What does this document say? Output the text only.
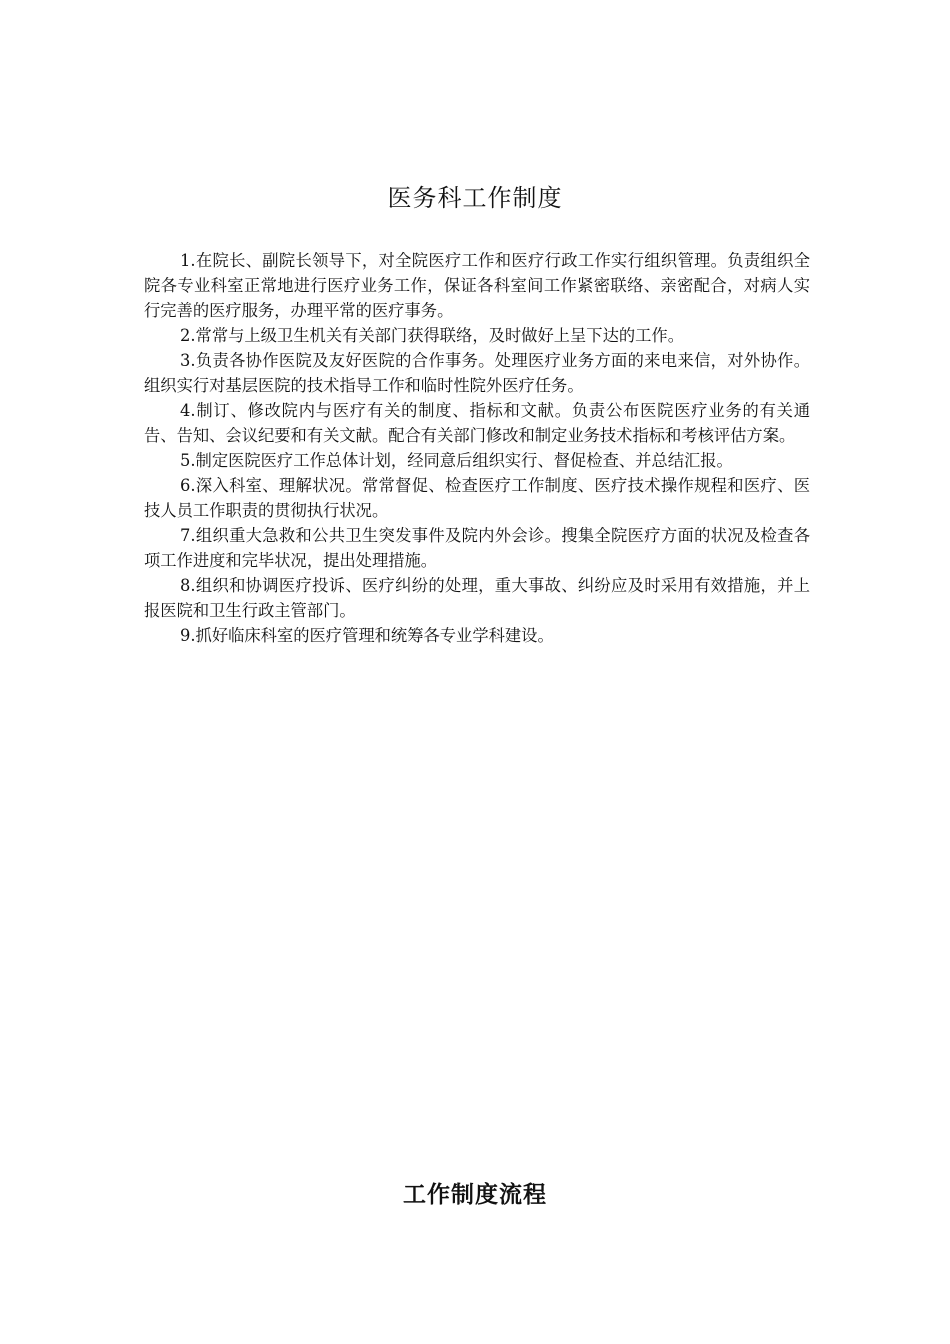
医务科工作制度

1.在院长、副院长领导下，对全院医疗工作和医疗行政工作实行组织管理。负责组织全院各专业科室正常地进行医疗业务工作，保证各科室间工作紧密联络、亲密配合，对病人实行完善的医疗服务，办理平常的医疗事务。

2.常常与上级卫生机关有关部门获得联络，及时做好上呈下达的工作。

3.负责各协作医院及友好医院的合作事务。处理医疗业务方面的来电来信，对外协作。组织实行对基层医院的技术指导工作和临时性院外医疗任务。

4.制订、修改院内与医疗有关的制度、指标和文献。负责公布医院医疗业务的有关通告、告知、会议纪要和有关文献。配合有关部门修改和制定业务技术指标和考核评估方案。

5.制定医院医疗工作总体计划，经同意后组织实行、督促检查、并总结汇报。

6.深入科室、理解状况。常常督促、检查医疗工作制度、医疗技术操作规程和医疗、医技人员工作职责的贯彻执行状况。

7.组织重大急救和公共卫生突发事件及院内外会诊。搜集全院医疗方面的状况及检查各项工作进度和完毕状况，提出处理措施。

8.组织和协调医疗投诉、医疗纠纷的处理，重大事故、纠纷应及时采用有效措施，并上报医院和卫生行政主管部门。

9.抓好临床科室的医疗管理和统筹各专业学科建设。

工作制度流程
